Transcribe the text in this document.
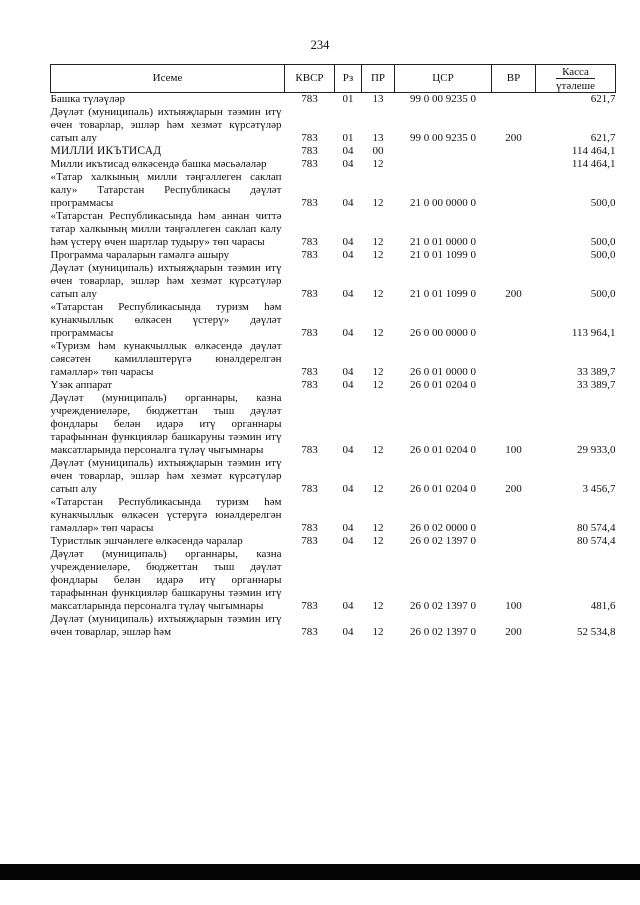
234
Исеме	КВСР	Рз	ПР	ЦСР	ВР	Касса
үтәлеше
Башка түләүләр	783	01	13	99 0 00 9235 0		621,7
Дәүләт (муниципаль) ихтыяҗларын тәэмин итү өчен товарлар, эшләр һәм хезмәт күрсәтүләр сатып алу	783	01	13	99 0 00 9235 0	200	621,7
МИЛЛИ ИКЪТИСАД	783	04	00			114 464,1
Милли икътисад өлкәсендә башка мәсьәләләр	783	04	12			114 464,1
«Татар халкының милли тәңгәллеген саклап калу» Татарстан Республикасы дәүләт программасы	783	04	12	21 0 00 0000 0		500,0
«Татарстан Республикасында һәм аннан читтә татар халкының милли тәңгәллеген саклап калу һәм үстерү өчен шартлар тудыру» төп чарасы	783	04	12	21 0 01 0000 0		500,0
Программа чараларын гамәлгә ашыру	783	04	12	21 0 01 1099 0		500,0
Дәүләт (муниципаль) ихтыяҗларын тәэмин итү өчен товарлар, эшләр һәм хезмәт күрсәтүләр сатып алу	783	04	12	21 0 01 1099 0	200	500,0
«Татарстан Республикасында туризм һәм кунакчыллык өлкәсен үстерү» дәүләт программасы	783	04	12	26 0 00 0000 0		113 964,1
«Туризм һәм кунакчыллык өлкәсендә дәүләт сәясәтен камилләштерүгә юнәлдерелгән гамәлләр» төп чарасы	783	04	12	26 0 01 0000 0		33 389,7
Үзәк аппарат	783	04	12	26 0 01 0204 0		33 389,7
Дәүләт (муниципаль) органнары, казна учреждениеләре, бюджеттан тыш дәүләт фондлары белән идарә итү органнары тарафыннан функцияләр башкаруны тәэмин итү максатларында персоналга түләү чыгымнары	783	04	12	26 0 01 0204 0	100	29 933,0
Дәүләт (муниципаль) ихтыяҗларын тәэмин итү өчен товарлар, эшләр һәм хезмәт күрсәтүләр сатып алу	783	04	12	26 0 01 0204 0	200	3 456,7
«Татарстан Республикасында туризм һәм кунакчыллык өлкәсен үстерүгә юнәлдерелгән гамәлләр» төп чарасы	783	04	12	26 0 02 0000 0		80 574,4
Туристлык эшчәнлеге өлкәсендә чаралар	783	04	12	26 0 02 1397 0		80 574,4
Дәүләт (муниципаль) органнары, казна учреждениеләре, бюджеттан тыш дәүләт фондлары белән идарә итү органнары тарафыннан функцияләр башкаруны тәэмин итү максатларында персоналга түләү чыгымнары	783	04	12	26 0 02 1397 0	100	481,6
Дәүләт (муниципаль) ихтыяҗларын тәэмин итү өчен товарлар, эшләр һәм	783	04	12	26 0 02 1397 0	200	52 534,8
